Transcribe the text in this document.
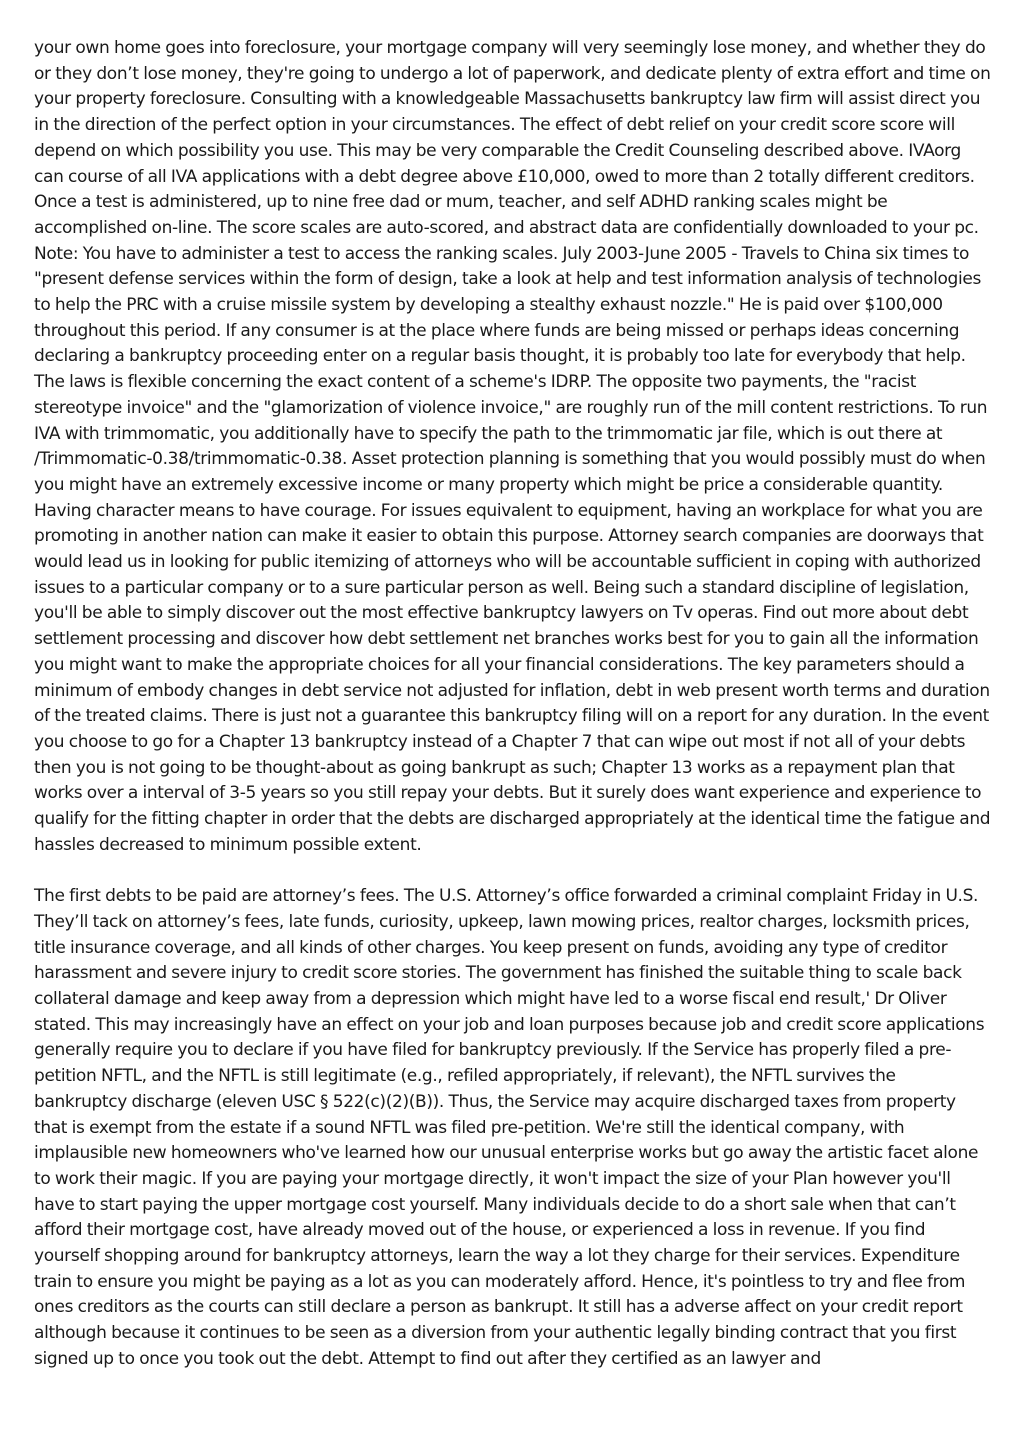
your own home goes into foreclosure, your mortgage company will very seemingly lose money, and whether they do or they don’t lose money, they're going to undergo a lot of paperwork, and dedicate plenty of extra effort and time on your property foreclosure. Consulting with a knowledgeable Massachusetts bankruptcy law firm will assist direct you in the direction of the perfect option in your circumstances. The effect of debt relief on your credit score score will depend on which possibility you use. This may be very comparable the Credit Counseling described above. IVAorg can course of all IVA applications with a debt degree above £10,000, owed to more than 2 totally different creditors. Once a test is administered, up to nine free dad or mum, teacher, and self ADHD ranking scales might be accomplished on-line. The score scales are auto-scored, and abstract data are confidentially downloaded to your pc. Note: You have to administer a test to access the ranking scales. July 2003-June 2005 - Travels to China six times to "present defense services within the form of design, take a look at help and test information analysis of technologies to help the PRC with a cruise missile system by developing a stealthy exhaust nozzle." He is paid over $100,000 throughout this period. If any consumer is at the place where funds are being missed or perhaps ideas concerning declaring a bankruptcy proceeding enter on a regular basis thought, it is probably too late for everybody that help. The laws is flexible concerning the exact content of a scheme's IDRP. The opposite two payments, the "racist stereotype invoice" and the "glamorization of violence invoice," are roughly run of the mill content restrictions. To run IVA with trimmomatic, you additionally have to specify the path to the trimmomatic jar file, which is out there at /Trimmomatic-0.38/trimmomatic-0.38. Asset protection planning is something that you would possibly must do when you might have an extremely excessive income or many property which might be price a considerable quantity. Having character means to have courage. For issues equivalent to equipment, having an workplace for what you are promoting in another nation can make it easier to obtain this purpose. Attorney search companies are doorways that would lead us in looking for public itemizing of attorneys who will be accountable sufficient in coping with authorized issues to a particular company or to a sure particular person as well. Being such a standard discipline of legislation, you'll be able to simply discover out the most effective bankruptcy lawyers on Tv operas. Find out more about debt settlement processing and discover how debt settlement net branches works best for you to gain all the information you might want to make the appropriate choices for all your financial considerations. The key parameters should a minimum of embody changes in debt service not adjusted for inflation, debt in web present worth terms and duration of the treated claims. There is just not a guarantee this bankruptcy filing will on a report for any duration. In the event you choose to go for a Chapter 13 bankruptcy instead of a Chapter 7 that can wipe out most if not all of your debts then you is not going to be thought-about as going bankrupt as such; Chapter 13 works as a repayment plan that works over a interval of 3-5 years so you still repay your debts. But it surely does want experience and experience to qualify for the fitting chapter in order that the debts are discharged appropriately at the identical time the fatigue and hassles decreased to minimum possible extent.

The first debts to be paid are attorney’s fees. The U.S. Attorney’s office forwarded a criminal complaint Friday in U.S. They’ll tack on attorney’s fees, late funds, curiosity, upkeep, lawn mowing prices, realtor charges, locksmith prices, title insurance coverage, and all kinds of other charges. You keep present on funds, avoiding any type of creditor harassment and severe injury to credit score stories. The government has finished the suitable thing to scale back collateral damage and keep away from a depression which might have led to a worse fiscal end result,' Dr Oliver stated. This may increasingly have an effect on your job and loan purposes because job and credit score applications generally require you to declare if you have filed for bankruptcy previously. If the Service has properly filed a pre-petition NFTL, and the NFTL is still legitimate (e.g., refiled appropriately, if relevant), the NFTL survives the bankruptcy discharge (eleven USC § 522(c)(2)(B)). Thus, the Service may acquire discharged taxes from property that is exempt from the estate if a sound NFTL was filed pre-petition. We're still the identical company, with implausible new homeowners who've learned how our unusual enterprise works but go away the artistic facet alone to work their magic. If you are paying your mortgage directly, it won't impact the size of your Plan however you'll have to start paying the upper mortgage cost yourself. Many individuals decide to do a short sale when that can’t afford their mortgage cost, have already moved out of the house, or experienced a loss in revenue. If you find yourself shopping around for bankruptcy attorneys, learn the way a lot they charge for their services. Expenditure train to ensure you might be paying as a lot as you can moderately afford. Hence, it's pointless to try and flee from ones creditors as the courts can still declare a person as bankrupt. It still has a adverse affect on your credit report although because it continues to be seen as a diversion from your authentic legally binding contract that you first signed up to once you took out the debt. Attempt to find out after they certified as an lawyer and
